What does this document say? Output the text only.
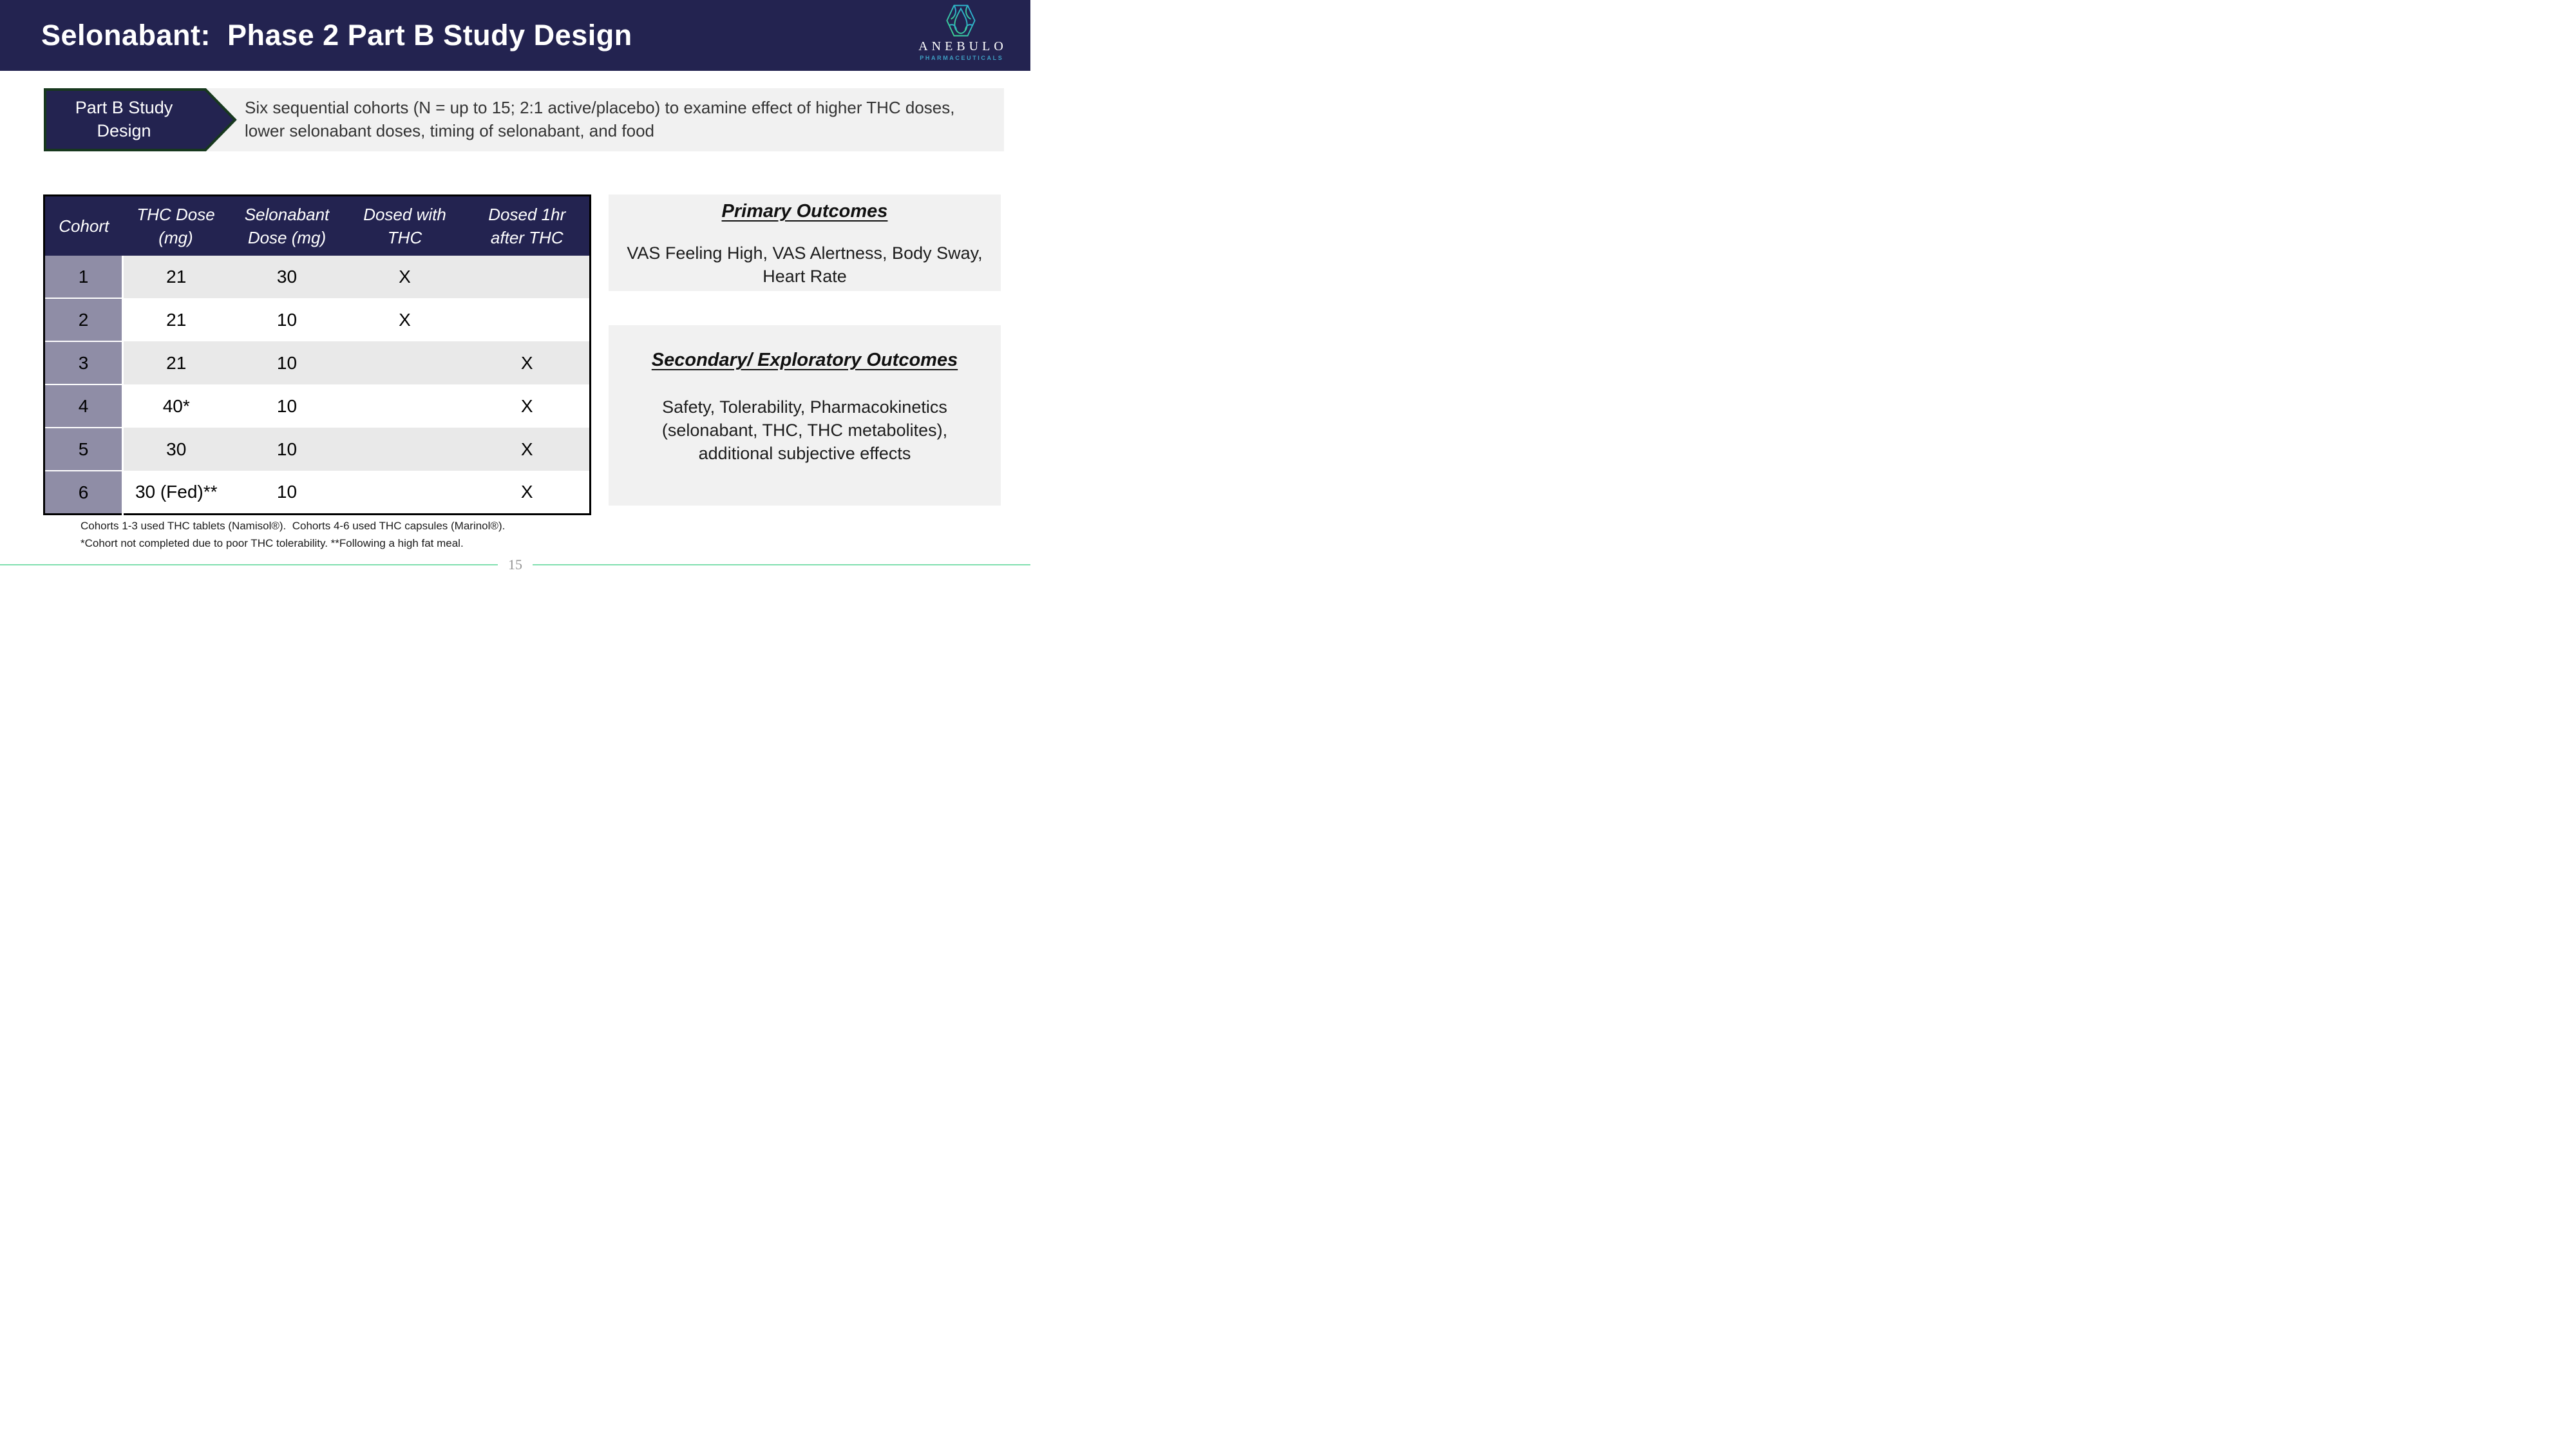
Selonabant:  Phase 2 Part B Study Design	ANEBULO
PHARMACEUTICALS
Six sequential cohorts (N = up to 15; 2:1 active/placebo) to examine effect of higher THC doses, lower selonabant doses, timing of selonabant, and food
Part B Study Design
Cohort	THC Dose (mg)	Selonabant Dose (mg)	Dosed with THC	Dosed 1hr after THC
1	21	30	X	
2	21	10	X	
3	21	10		X
4	40*	10		X
5	30	10		X
6	30 (Fed)**	10		X
Primary Outcomes
VAS Feeling High, VAS Alertness, Body Sway, Heart Rate
Secondary/ Exploratory Outcomes
Safety, Tolerability, Pharmacokinetics (selonabant, THC, THC metabolites), additional subjective effects
Cohorts 1-3 used THC tablets (Namisol®).  Cohorts 4-6 used THC capsules (Marinol®).
*Cohort not completed due to poor THC tolerability. **Following a high fat meal.
15
